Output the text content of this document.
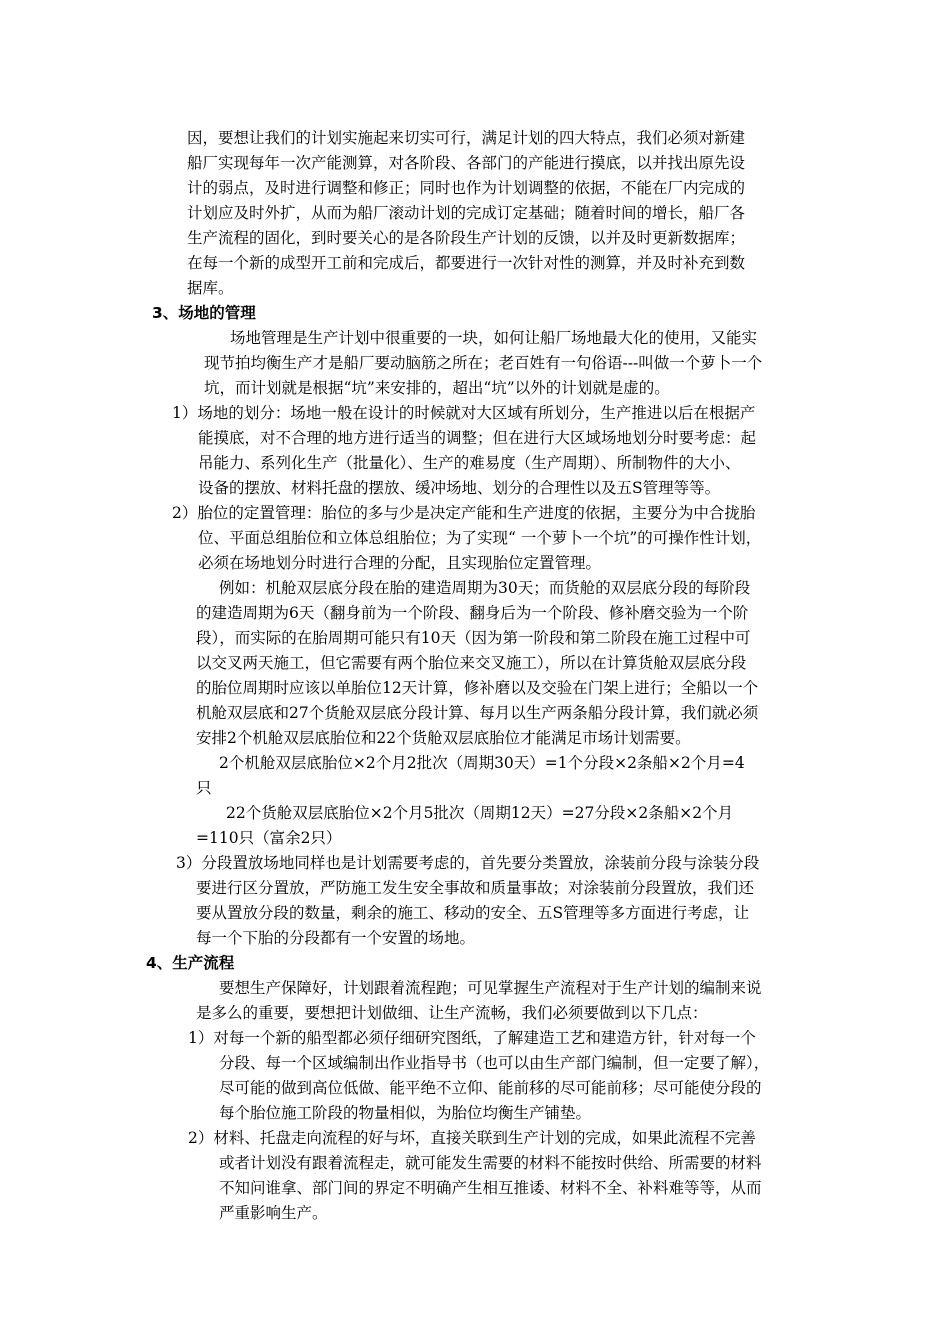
因，要想让我们的计划实施起来切实可行，满足计划的四大特点，我们必须对新建
船厂实现每年一次产能测算，对各阶段、各部门的产能进行摸底，以并找出原先设
计的弱点，及时进行调整和修正；同时也作为计划调整的依据，不能在厂内完成的
计划应及时外扩，从而为船厂滚动计划的完成订定基础；随着时间的增长，船厂各
生产流程的固化，到时要关心的是各阶段生产计划的反馈，以并及时更新数据库；
在每一个新的成型开工前和完成后，都要进行一次针对性的测算，并及时补充到数
据库。
3、场地的管理
场地管理是生产计划中很重要的一块，如何让船厂场地最大化的使用，又能实
现节拍均衡生产才是船厂要动脑筋之所在；老百姓有一句俗语---叫做一个萝卜一个
坑，而计划就是根据“坑”来安排的，超出“坑”以外的计划就是虚的。
1）场地的划分：场地一般在设计的时候就对大区域有所划分，生产推进以后在根据产
能摸底，对不合理的地方进行适当的调整；但在进行大区域场地划分时要考虑：起
吊能力、系列化生产（批量化）、生产的难易度（生产周期）、所制物件的大小、
设备的摆放、材料托盘的摆放、缓冲场地、划分的合理性以及五S管理等等。
2）胎位的定置管理：胎位的多与少是决定产能和生产进度的依据，主要分为中合拢胎
位、平面总组胎位和立体总组胎位；为了实现“ 一个萝卜一个坑”的可操作性计划，
必须在场地划分时进行合理的分配，且实现胎位定置管理。
例如：机舱双层底分段在胎的建造周期为30天；而货舱的双层底分段的每阶段
的建造周期为6天（翻身前为一个阶段、翻身后为一个阶段、修补磨交验为一个阶
段），而实际的在胎周期可能只有10天（因为第一阶段和第二阶段在施工过程中可
以交叉两天施工，但它需要有两个胎位来交叉施工），所以在计算货舱双层底分段
的胎位周期时应该以单胎位12天计算，修补磨以及交验在门架上进行；全船以一个
机舱双层底和27个货舱双层底分段计算、每月以生产两条船分段计算，我们就必须
安排2个机舱双层底胎位和22个货舱双层底胎位才能满足市场计划需要。
2个机舱双层底胎位×2个月2批次（周期30天）=1个分段×2条船×2个月=4
只
22个货舱双层底胎位×2个月5批次（周期12天）=27分段×2条船×2个月
=110只（富余2只）
3）分段置放场地同样也是计划需要考虑的，首先要分类置放，涂装前分段与涂装分段
要进行区分置放，严防施工发生安全事故和质量事故；对涂装前分段置放，我们还
要从置放分段的数量，剩余的施工、移动的安全、五S管理等多方面进行考虑，让
每一个下胎的分段都有一个安置的场地。
4、生产流程
要想生产保障好，计划跟着流程跑；可见掌握生产流程对于生产计划的编制来说
是多么的重要，要想把计划做细、让生产流畅，我们必须要做到以下几点：
1）对每一个新的船型都必须仔细研究图纸，了解建造工艺和建造方针，针对每一个
分段、每一个区域编制出作业指导书（也可以由生产部门编制，但一定要了解），
尽可能的做到高位低做、能平绝不立仰、能前移的尽可能前移；尽可能使分段的
每个胎位施工阶段的物量相似，为胎位均衡生产铺垫。
2）材料、托盘走向流程的好与坏，直接关联到生产计划的完成，如果此流程不完善
或者计划没有跟着流程走，就可能发生需要的材料不能按时供给、所需要的材料
不知问谁拿、部门间的界定不明确产生相互推诿、材料不全、补料难等等，从而
严重影响生产。
